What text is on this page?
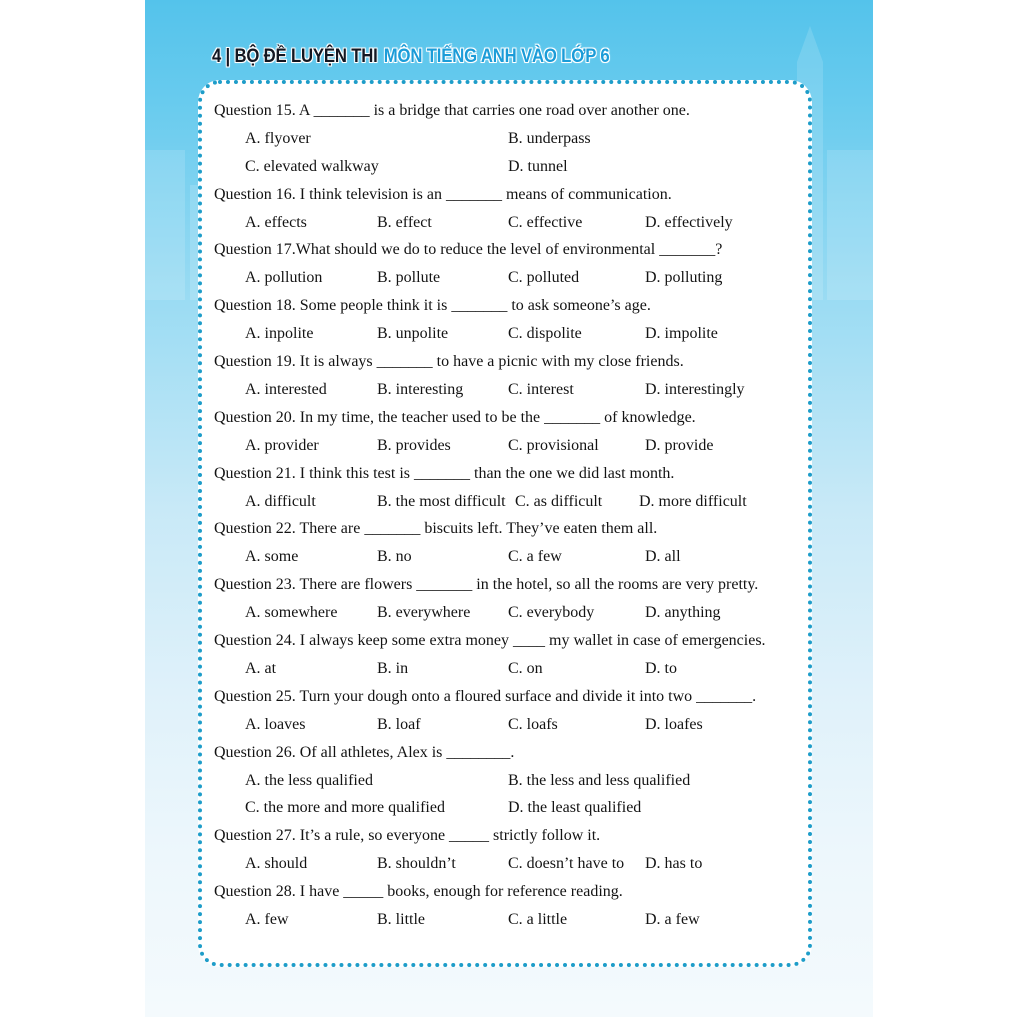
4 | BỘ ĐỀ LUYỆN THI MÔN TIẾNG ANH VÀO LỚP 6
Question 15. A _______ is a bridge that carries one road over another one.
A. flyover	B. underpass
C. elevated walkway	D. tunnel
Question 16. I think television is an _______ means of communication.
A. effects	B. effect	C. effective	D. effectively
Question 17.What should we do to reduce the level of environmental _______?
A. pollution	B. pollute	C. polluted	D. polluting
Question 18. Some people think it is _______ to ask someone’s age.
A. inpolite	B. unpolite	C. dispolite	D. impolite
Question 19. It is always _______ to have a picnic with my close friends.
A. interested	B. interesting	C. interest	D. interestingly
Question 20. In my time, the teacher used to be the _______ of knowledge.
A. provider	B. provides	C. provisional	D. provide
Question 21. I think this test is _______ than the one we did last month.
A. difficult	B. the most difficult C. as difficult D. more difficult
Question 22. There are _______ biscuits left. They’ve eaten them all.
A. some	B. no	C. a few	D. all
Question 23. There are flowers _______ in the hotel, so all the rooms are very pretty.
A. somewhere B. everywhere C. everybody	D. anything
Question 24. I always keep some extra money ____ my wallet in case of emergencies.
A. at	B. in	C. on	D. to
Question 25. Turn your dough onto a floured surface and divide it into two _______.
A. loaves	B. loaf	C. loafs	D. loafes
Question 26. Of all athletes, Alex is ________.
A. the less qualified	B. the less and less qualified
C. the more and more qualified	D. the least qualified
Question 27. It’s a rule, so everyone _____ strictly follow it.
A. should	B. shouldn’t	C. doesn’t have to D. has to
Question 28. I have _____ books, enough for reference reading.
A. few	B. little	C. a little	D. a few
